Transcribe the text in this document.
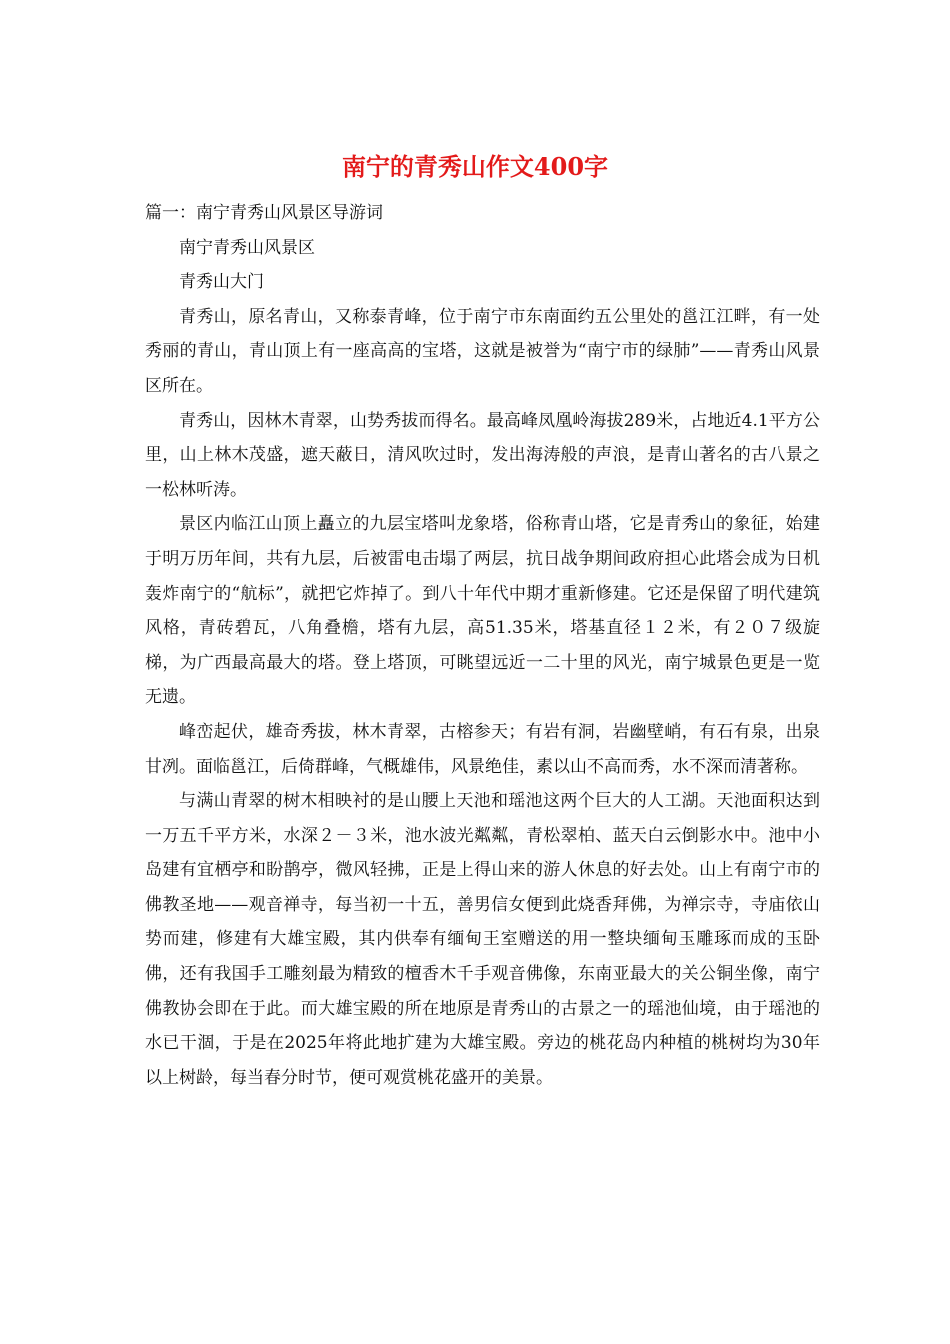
南宁的青秀山作文400字

篇一：南宁青秀山风景区导游词

南宁青秀山风景区

青秀山大门

青秀山，原名青山，又称泰青峰，位于南宁市东南面约五公里处的邕江江畔，有一处秀丽的青山，青山顶上有一座高高的宝塔，这就是被誉为“南宁市的绿肺”——青秀山风景区所在。

青秀山，因林木青翠，山势秀拔而得名。最高峰凤凰岭海拔289米，占地近4.1平方公里，山上林木茂盛，遮天蔽日，清风吹过时，发出海涛般的声浪，是青山著名的古八景之一松林听涛。

景区内临江山顶上矗立的九层宝塔叫龙象塔，俗称青山塔，它是青秀山的象征，始建于明万历年间，共有九层，后被雷电击塌了两层，抗日战争期间政府担心此塔会成为日机轰炸南宁的“航标”，就把它炸掉了。到八十年代中期才重新修建。它还是保留了明代建筑风格，青砖碧瓦，八角叠檐，塔有九层，高51.35米，塔基直径１２米，有２０７级旋梯，为广西最高最大的塔。登上塔顶，可眺望远近一二十里的风光，南宁城景色更是一览无遗。

峰峦起伏，雄奇秀拔，林木青翠，古榕参天；有岩有洞，岩幽壁峭，有石有泉，出泉甘冽。面临邕江，后倚群峰，气概雄伟，风景绝佳，素以山不高而秀，水不深而清著称。

与满山青翠的树木相映衬的是山腰上天池和瑶池这两个巨大的人工湖。天池面积达到一万五千平方米，水深２－３米，池水波光粼粼，青松翠柏、蓝天白云倒影水中。池中小岛建有宜栖亭和盼鹊亭，微风轻拂，正是上得山来的游人休息的好去处。山上有南宁市的佛教圣地——观音禅寺，每当初一十五，善男信女便到此烧香拜佛，为禅宗寺，寺庙依山势而建，修建有大雄宝殿，其内供奉有缅甸王室赠送的用一整块缅甸玉雕琢而成的玉卧佛，还有我国手工雕刻最为精致的檀香木千手观音佛像，东南亚最大的关公铜坐像，南宁佛教协会即在于此。而大雄宝殿的所在地原是青秀山的古景之一的瑶池仙境，由于瑶池的水已干涸，于是在2025年将此地扩建为大雄宝殿。旁边的桃花岛内种植的桃树均为30年以上树龄，每当春分时节，便可观赏桃花盛开的美景。
